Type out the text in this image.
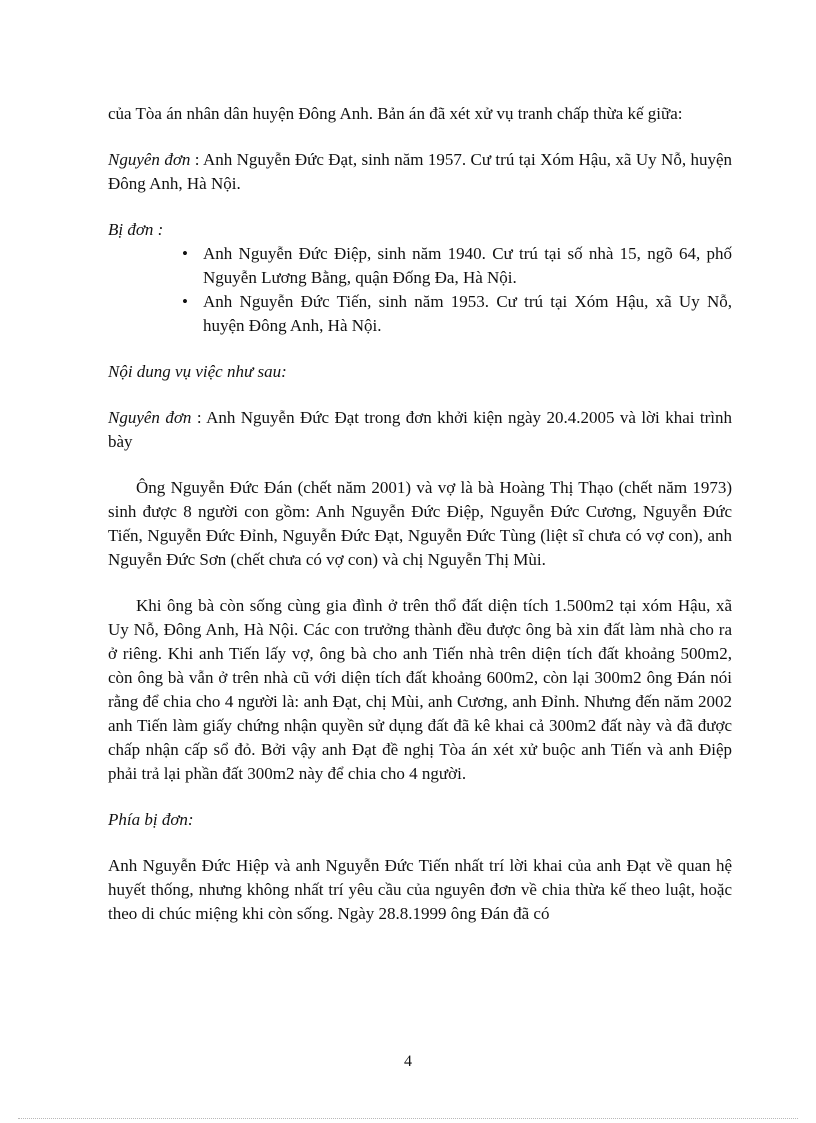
của Tòa án nhân dân huyện Đông Anh. Bản án đã xét xử vụ tranh chấp thừa kế giữa:

Nguyên đơn : Anh Nguyễn Đức Đạt, sinh năm 1957. Cư trú tại Xóm Hậu, xã Uy Nỗ, huyện Đông Anh, Hà Nội.

Bị đơn :

• Anh Nguyễn Đức Điệp, sinh năm 1940. Cư trú tại số nhà 15, ngõ 64, phố Nguyễn Lương Bằng, quận Đống Đa, Hà Nội.
• Anh Nguyễn Đức Tiến, sinh năm 1953. Cư trú tại Xóm Hậu, xã Uy Nỗ, huyện Đông Anh, Hà Nội.

Nội dung vụ việc như sau:

Nguyên đơn : Anh Nguyễn Đức Đạt trong đơn khởi kiện ngày 20.4.2005 và lời khai trình bày

Ông Nguyễn Đức Đán (chết năm 2001) và vợ là bà Hoàng Thị Thạo (chết năm 1973) sinh được 8 người con gồm: Anh Nguyễn Đức Điệp, Nguyễn Đức Cương, Nguyễn Đức Tiến, Nguyễn Đức Đỉnh, Nguyễn Đức Đạt, Nguyễn Đức Tùng (liệt sĩ chưa có vợ con), anh Nguyễn Đức Sơn (chết chưa có vợ con) và chị Nguyễn Thị Mùi.

Khi ông bà còn sống cùng gia đình ở trên thổ đất diện tích 1.500m2 tại xóm Hậu, xã Uy Nỗ, Đông Anh, Hà Nội. Các con trưởng thành đều được ông bà xin đất làm nhà cho ra ở riêng. Khi anh Tiến lấy vợ, ông bà cho anh Tiến nhà trên diện tích đất khoảng 500m2, còn ông bà vẫn ở trên nhà cũ với diện tích đất khoảng 600m2, còn lại 300m2 ông Đán nói rằng để chia cho 4 người là: anh Đạt, chị Mùi, anh Cương, anh Đỉnh. Nhưng đến năm 2002 anh Tiến làm giấy chứng nhận quyền sử dụng đất đã kê khai cả 300m2 đất này và đã được chấp nhận cấp sổ đỏ. Bởi vậy anh Đạt đề nghị Tòa án xét xử buộc anh Tiến và anh Điệp phải trả lại phần đất 300m2 này để chia cho 4 người.

Phía bị đơn:

Anh Nguyễn Đức Hiệp và anh Nguyễn Đức Tiến nhất trí lời khai của anh Đạt về quan hệ huyết thống, nhưng không nhất trí yêu cầu của nguyên đơn về chia thừa kế theo luật, hoặc theo di chúc miệng khi còn sống. Ngày 28.8.1999 ông Đán đã có

4
